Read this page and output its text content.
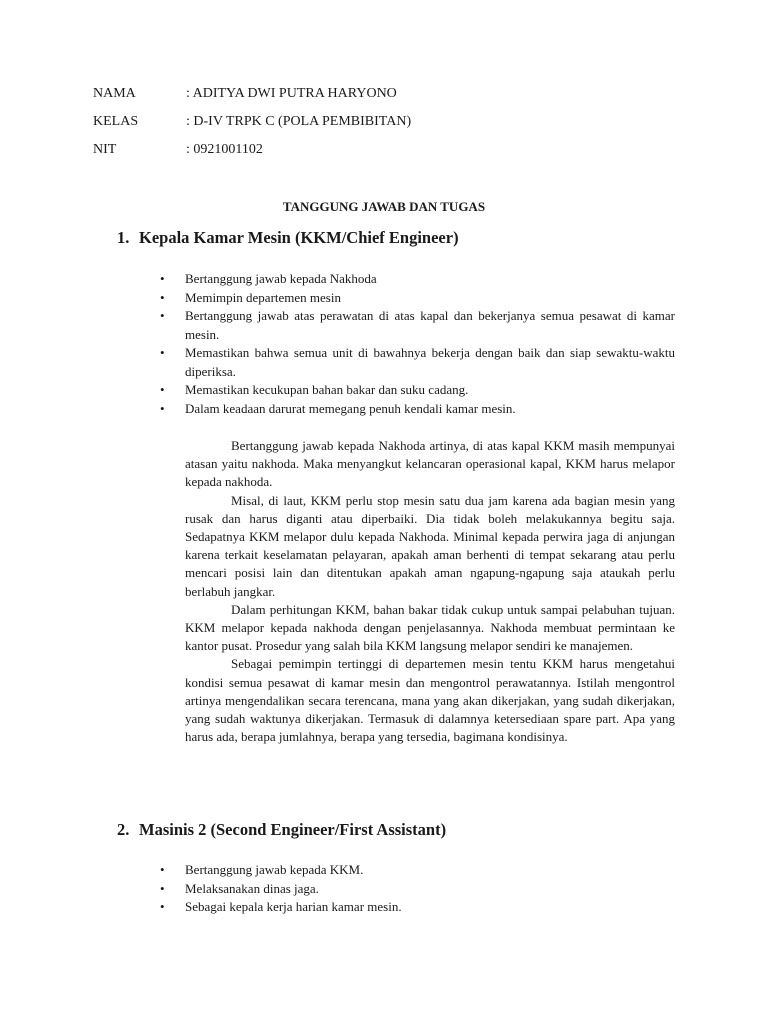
NAMA	: ADITYA DWI PUTRA HARYONO
KELAS	: D-IV TRPK C (POLA PEMBIBITAN)
NIT	: 0921001102
TANGGUNG JAWAB DAN TUGAS
1. Kepala Kamar Mesin (KKM/Chief Engineer)
• Bertanggung jawab kepada Nakhoda
• Memimpin departemen mesin
• Bertanggung jawab atas perawatan di atas kapal dan bekerjanya semua pesawat di kamar mesin.
• Memastikan bahwa semua unit di bawahnya bekerja dengan baik dan siap sewaktu-waktu diperiksa.
• Memastikan kecukupan bahan bakar dan suku cadang.
• Dalam keadaan darurat memegang penuh kendali kamar mesin.

Bertanggung jawab kepada Nakhoda artinya, di atas kapal KKM masih mempunyai atasan yaitu nakhoda. Maka menyangkut kelancaran operasional kapal, KKM harus melapor kepada nakhoda.

Misal, di laut, KKM perlu stop mesin satu dua jam karena ada bagian mesin yang rusak dan harus diganti atau diperbaiki. Dia tidak boleh melakukannya begitu saja. Sedapatnya KKM melapor dulu kepada Nakhoda. Minimal kepada perwira jaga di anjungan karena terkait keselamatan pelayaran, apakah aman berhenti di tempat sekarang atau perlu mencari posisi lain dan ditentukan apakah aman ngapung-ngapung saja ataukah perlu berlabuh jangkar.

Dalam perhitungan KKM, bahan bakar tidak cukup untuk sampai pelabuhan tujuan. KKM melapor kepada nakhoda dengan penjelasannya. Nakhoda membuat permintaan ke kantor pusat. Prosedur yang salah bila KKM langsung melapor sendiri ke manajemen.

Sebagai pemimpin tertinggi di departemen mesin tentu KKM harus mengetahui kondisi semua pesawat di kamar mesin dan mengontrol perawatannya. Istilah mengontrol artinya mengendalikan secara terencana, mana yang akan dikerjakan, yang sudah dikerjakan, yang sudah waktunya dikerjakan. Termasuk di dalamnya ketersediaan spare part. Apa yang harus ada, berapa jumlahnya, berapa yang tersedia, bagimana kondisinya.

2. Masinis 2 (Second Engineer/First Assistant)
• Bertanggung jawab kepada KKM.
• Melaksanakan dinas jaga.
• Sebagai kepala kerja harian kamar mesin.
